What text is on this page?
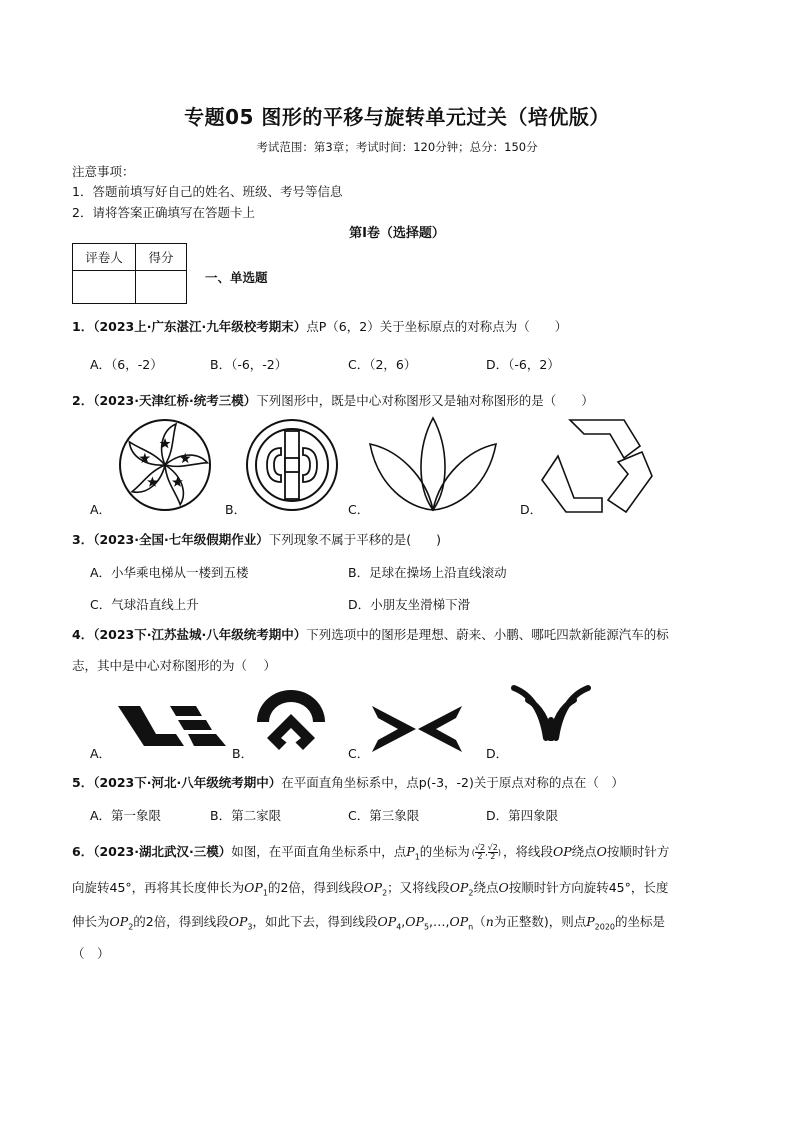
专题05 图形的平移与旋转单元过关（培优版）
考试范围：第3章；考试时间：120分钟；总分：150分
注意事项：
1．答题前填写好自己的姓名、班级、考号等信息
2．请将答案正确填写在答题卡上
第I卷（选择题）
评卷人	得分

一、单选题
1．（2023上·广东湛江·九年级校考期末）点P（6，2）关于坐标原点的对称点为（　　）
A．（6，-2）	B．（-6，-2）	C．（2，6）	D．（-6，2）
2．（2023·天津红桥·统考三模）下列图形中，既是中心对称图形又是轴对称图形的是（　　）
A．	B．	C．	D．
3．（2023·全国·七年级假期作业）下列现象不属于平移的是(　　)
A．小华乘电梯从一楼到五楼	B．足球在操场上沿直线滚动
C．气球沿直线上升	D．小朋友坐滑梯下滑
4．（2023下·江苏盐城·八年级统考期中）下列选项中的图形是理想、蔚来、小鹏、哪吒四款新能源汽车的标
志，其中是中心对称图形的为（　 ）
A．	B．	C．	D．
5．（2023下·河北·八年级统考期中）在平面直角坐标系中，点p(-3，-2)关于原点对称的点在（　）
A．第一象限	B．第二家限	C．第三象限	D．第四象限
6．（2023·湖北武汉·三模）如图，在平面直角坐标系中，点$P_1$的坐标为 ( $\frac{√2}{2}$ , $\frac{√2}{2}$ ) ，将线段OP绕点O按顺时针方
向旋转45°，再将其长度伸长为$OP_1$的2倍，得到线段$OP_2$；又将线段$OP_2$绕点O按顺时针方向旋转45°，长度
伸长为$OP_2$的2倍，得到线段$OP_3$，如此下去，得到线段$OP_4,OP_5,\dots,OP_n(n$为正整数)，则点$P_{2020}$的坐标是
（　）
